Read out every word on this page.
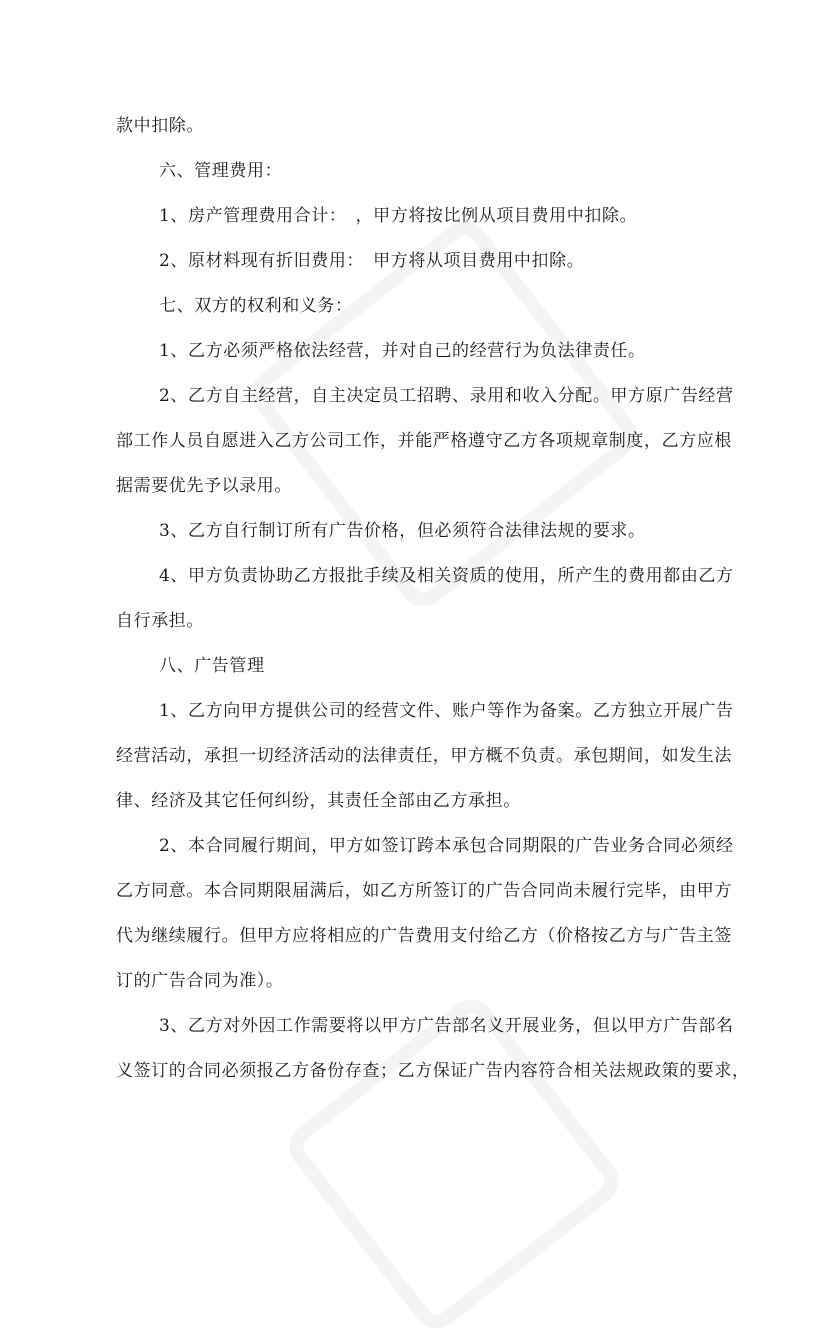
款中扣除。
六、管理费用：
1、房产管理费用合计：　，甲方将按比例从项目费用中扣除。
2、原材料现有折旧费用：　甲方将从项目费用中扣除。
七、双方的权利和义务：
1、乙方必须严格依法经营，并对自己的经营行为负法律责任。
2、乙方自主经营，自主决定员工招聘、录用和收入分配。甲方原广告经营
部工作人员自愿进入乙方公司工作，并能严格遵守乙方各项规章制度，乙方应根
据需要优先予以录用。
3、乙方自行制订所有广告价格，但必须符合法律法规的要求。
4、甲方负责协助乙方报批手续及相关资质的使用，所产生的费用都由乙方
自行承担。
八、广告管理
1、乙方向甲方提供公司的经营文件、账户等作为备案。乙方独立开展广告
经营活动，承担一切经济活动的法律责任，甲方概不负责。承包期间，如发生法
律、经济及其它任何纠纷，其责任全部由乙方承担。
2、本合同履行期间，甲方如签订跨本承包合同期限的广告业务合同必须经
乙方同意。本合同期限届满后，如乙方所签订的广告合同尚未履行完毕，由甲方
代为继续履行。但甲方应将相应的广告费用支付给乙方（价格按乙方与广告主签
订的广告合同为准）。
3、乙方对外因工作需要将以甲方广告部名义开展业务，但以甲方广告部名
义签订的合同必须报乙方备份存查；乙方保证广告内容符合相关法规政策的要求，
